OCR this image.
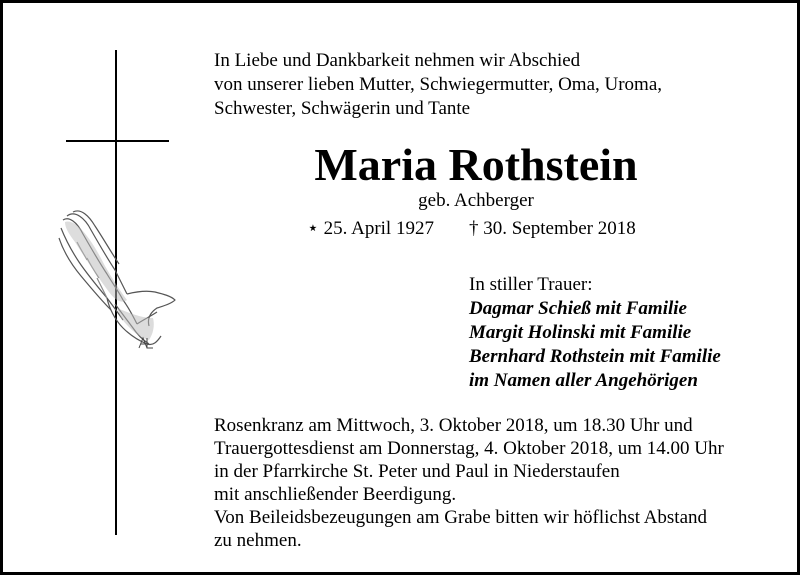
In Liebe und Dankbarkeit nehmen wir Abschied
von unserer lieben Mutter, Schwiegermutter, Oma, Uroma,
Schwester, Schwägerin und Tante
Maria Rothstein
geb. Achberger
⋆ 25. April 1927 † 30. September 2018
In stiller Trauer:
Dagmar Schieß mit Familie
Margit Holinski mit Familie
Bernhard Rothstein mit Familie
im Namen aller Angehörigen
Rosenkranz am Mittwoch, 3. Oktober 2018, um 18.30 Uhr und
Trauergottesdienst am Donnerstag, 4. Oktober 2018, um 14.00 Uhr
in der Pfarrkirche St. Peter und Paul in Niederstaufen
mit anschließender Beerdigung.
Von Beileidsbezeugungen am Grabe bitten wir höflichst Abstand
zu nehmen.
